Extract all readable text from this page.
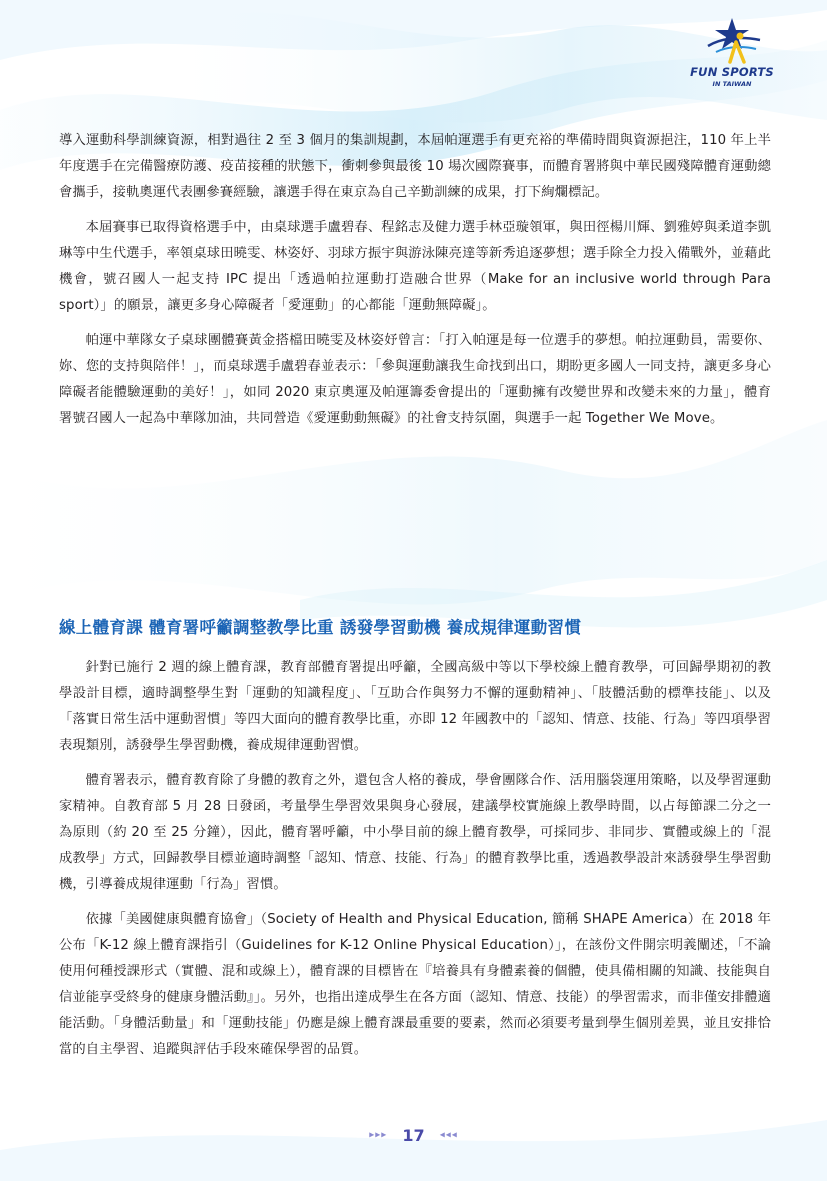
FUN SPORTS
IN TAIWAN

導入運動科學訓練資源，相對過往 2 至 3 個月的集訓規劃，本屆帕運選手有更充裕的準備時間與資源挹注，110 年上半年度選手在完備醫療防護、疫苗接種的狀態下，衝刺參與最後 10 場次國際賽事，而體育署將與中華民國殘障體育運動總會攜手，接軌奧運代表團參賽經驗，讓選手得在東京為自己辛勤訓練的成果，打下絢爛標記。

本屆賽事已取得資格選手中，由桌球選手盧碧春、程銘志及健力選手林亞璇領軍，與田徑楊川輝、劉雅婷與柔道李凱琳等中生代選手，率領桌球田曉雯、林姿妤、羽球方振宇與游泳陳亮達等新秀追逐夢想；選手除全力投入備戰外，並藉此機會，號召國人一起支持 IPC 提出「透過帕拉運動打造融合世界（Make for an inclusive world through Para sport）」的願景，讓更多身心障礙者「愛運動」的心都能「運動無障礙」。

帕運中華隊女子桌球團體賽黃金搭檔田曉雯及林姿妤曾言：「打入帕運是每一位選手的夢想。帕拉運動員，需要你、妳、您的支持與陪伴！」，而桌球選手盧碧春並表示：「參與運動讓我生命找到出口，期盼更多國人一同支持，讓更多身心障礙者能體驗運動的美好！」，如同 2020 東京奧運及帕運籌委會提出的「運動擁有改變世界和改變未來的力量」，體育署號召國人一起為中華隊加油，共同營造《愛運動動無礙》的社會支持氛圍，與選手一起 Together We Move。

線上體育課 體育署呼籲調整教學比重 誘發學習動機 養成規律運動習慣

針對已施行 2 週的線上體育課，教育部體育署提出呼籲，全國高級中等以下學校線上體育教學，可回歸學期初的教學設計目標，適時調整學生對「運動的知識程度」、「互助合作與努力不懈的運動精神」、「肢體活動的標準技能」、以及「落實日常生活中運動習慣」等四大面向的體育教學比重，亦即 12 年國教中的「認知、情意、技能、行為」等四項學習表現類別，誘發學生學習動機，養成規律運動習慣。

體育署表示，體育教育除了身體的教育之外，還包含人格的養成，學會團隊合作、活用腦袋運用策略，以及學習運動家精神。自教育部 5 月 28 日發函，考量學生學習效果與身心發展，建議學校實施線上教學時間，以占每節課二分之一為原則（約 20 至 25 分鐘），因此，體育署呼籲，中小學目前的線上體育教學，可採同步、非同步、實體或線上的「混成教學」方式，回歸教學目標並適時調整「認知、情意、技能、行為」的體育教學比重，透過教學設計來誘發學生學習動機，引導養成規律運動「行為」習慣。

依據「美國健康與體育協會」（Society of Health and Physical Education, 簡稱 SHAPE America）在 2018 年公布「K-12 線上體育課指引（Guidelines for K-12 Online Physical Education）」，在該份文件開宗明義闡述，「不論使用何種授課形式（實體、混和或線上），體育課的目標皆在『培養具有身體素養的個體，使具備相關的知識、技能與自信並能享受終身的健康身體活動』」。另外，也指出達成學生在各方面（認知、情意、技能）的學習需求，而非僅安排體適能活動。「身體活動量」和「運動技能」仍應是線上體育課最重要的要素，然而必須要考量到學生個別差異，並且安排恰當的自主學習、追蹤與評估手段來確保學習的品質。

▸▸▸ 17 ◂◂◂
